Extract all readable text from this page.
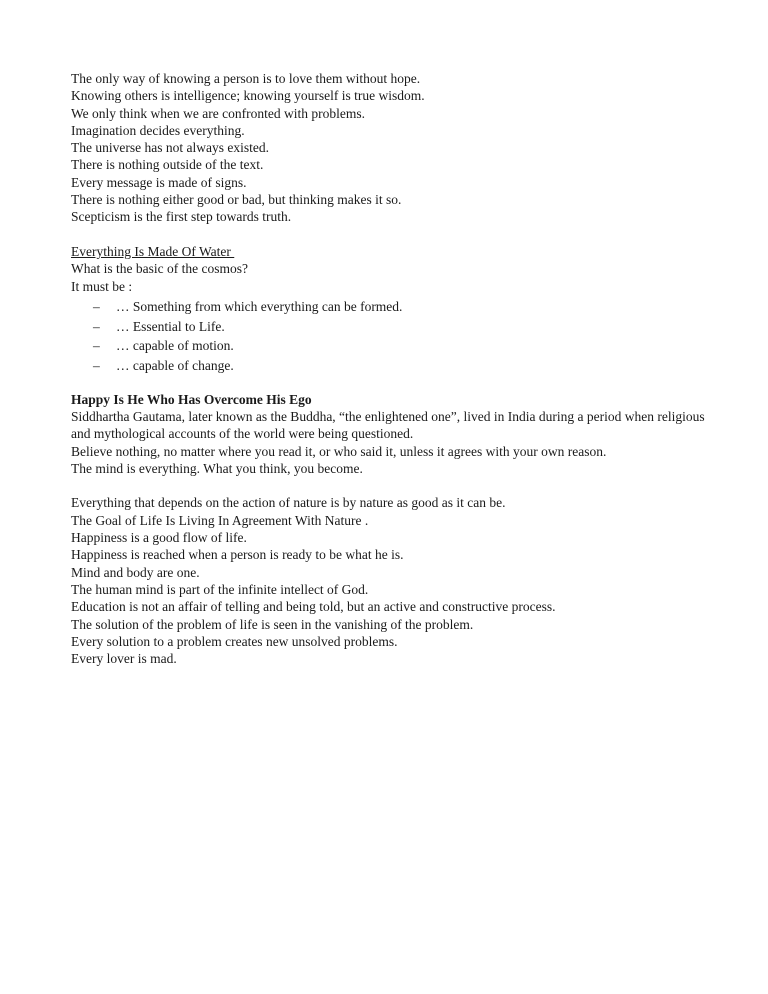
The only way of knowing a person is to love them without hope.
Knowing others is intelligence; knowing yourself is true wisdom.
We only think when we are confronted with problems.
Imagination decides everything.
The universe has not always existed.
There is nothing outside of the text.
Every message is made of signs.
There is nothing either good or bad, but thinking makes it so.
Scepticism is the first step towards truth.
Everything Is Made Of Water
What is the basic of the cosmos?
It must be :
– … Something from which everything can be formed.
– … Essential to Life.
– … capable of motion.
– … capable of change.
Happy Is He Who Has Overcome His Ego
Siddhartha Gautama, later known as the Buddha, “the enlightened one”, lived in India during a period when religious and mythological accounts of the world were being questioned.
Believe nothing, no matter where you read it, or who said it, unless it agrees with your own reason.
The mind is everything. What you think, you become.
Everything that depends on the action of nature is by nature as good as it can be.
The Goal of Life Is Living In Agreement With Nature .
Happiness is a good flow of life.
Happiness is reached when a person is ready to be what he is.
Mind and body are one.
The human mind is part of the infinite intellect of God.
Education is not an affair of telling and being told, but an active and constructive process.
The solution of the problem of life is seen in the vanishing of the problem.
Every solution to a problem creates new unsolved problems.
Every lover is mad.
